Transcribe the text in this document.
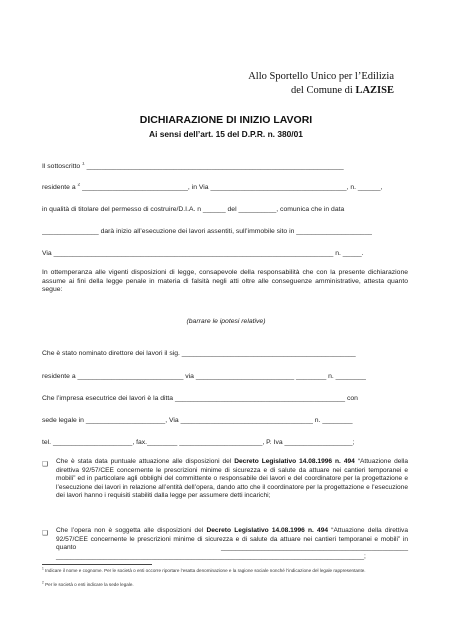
Allo Sportello Unico per l’Edilizia
del Comune di LAZISE
DICHIARAZIONE DI INIZIO LAVORI
Ai sensi dell’art. 15 del D.P.R. n. 380/01
Il sottoscritto $^1$ ____________________________________________________________________
residente a $^2$ ____________________________, in Via ____________________________________, n. ______,
in qualità di titolare del permesso di costruire/D.I.A. n ______ del __________, comunica che in data
_______________ darà inizio all’esecuzione dei lavori assentiti, sull’immobile sito in ____________________
Via __________________________________________________________________________ n. _____.
In ottemperanza alle vigenti disposizioni di legge, consapevole della responsabilità che con la presente dichiarazione assume ai fini della legge penale in materia di falsità negli atti oltre alle conseguenze amministrative, attesta quanto segue:
(barrare le ipotesi relative)
Che è stato nominato direttore dei lavori il sig. ______________________________________________
residente a ____________________________ via __________________________ ________ n. ________
Che l’impresa esecutrice dei lavori è la ditta _____________________________________________ con
sede legale in _____________________, Via ___________________________________ n. ________
tel. _____________________, fax.________ ______________________, P. Iva __________________;
❑	Che è stata data puntuale attuazione alle disposizioni del Decreto Legislativo 14.08.1996 n. 494 “Attuazione della direttiva 92/57/CEE concernente le prescrizioni minime di sicurezza e di salute da attuare nei cantieri temporanei e mobili” ed in particolare agli obblighi del committente o responsabile dei lavori e del coordinatore per la progettazione e l’esecuzione dei lavori in relazione all’entità dell’opera, dando atto che il coordinatore per la progettazione e l’esecuzione dei lavori hanno i requisiti stabiliti dalla legge per assumere detti incarichi;
❑	Che l’opera non è soggetta alle disposizioni del Decreto Legislativo 14.08.1996 n. 494 “Attuazione della direttiva 92/57/CEE concernente le prescrizioni minime di sicurezza e di salute da attuare nei cantieri temporanei e mobili” in quanto ___________________________________________________ ____________________________________________________________________________________;
$^1$ Indicare il nome e cognome. Per le società o enti occorre riportare l’esatta denominazione e la ragione sociale nonché l’indicazione del legale rappresentante.
$^2$ Per le società o enti indicare la sede legale.
